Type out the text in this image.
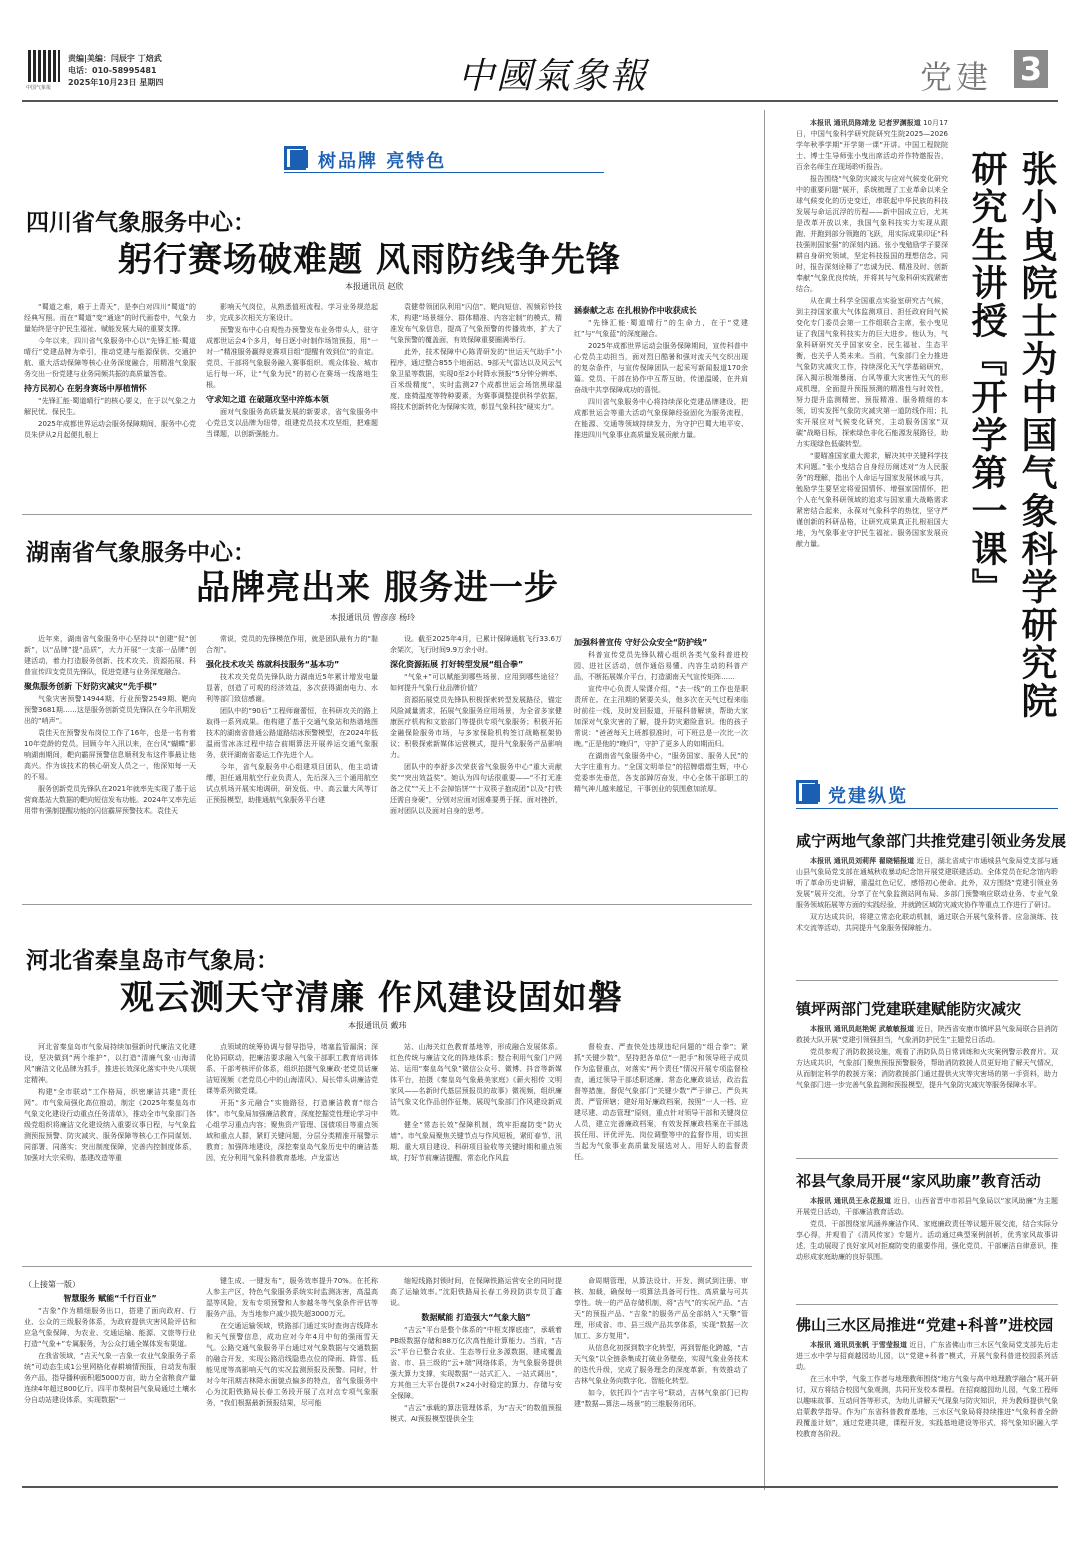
中国气象报
责编|美编：闫辰宇 丁焙武
电话：010-58995481
2025年10月23日 星期四	中國氣象報	党建 3
树品牌 亮特色
四川省气象服务中心：
躬行赛场破难题 风雨防线争先锋
本报通讯员 赵欣

“蜀道之难，难于上青天”，是李白对四川“蜀道”的经典写照。而在“蜀道”变“通途”的时代画卷中，气象力量始终是守护民生福祉、赋能发展大局的重要支撑。

今年以来，四川省气象服务中心以“先锋汇能·蜀道晴行”党建品牌为牵引，推动党建与能源保供、交通护航、重大活动保障等核心业务深度融合，用精准气象服务交出一份党建与业务同频共振的高质量答卷。

持方民初心 在躬身赛场中厚植情怀

“先锋汇能·蜀道晴行”的核心要义，在于以气象之力解民忧、保民生。

2025年成都世界运动会服务保障期间，服务中心党员朱伊从2月起便扎根上

影响天气岗位，从熟悉值班流程、学习业务规范起步，完成多次相关方案设计。

预警发布中心自观性办预警发布业务带头人，驻守成都世运会4个多月，每日逐小时制作场馆预报，用“一对一”精准服务赢得竞赛项目组“提醒有效到位”的肯定。党员、干部将气象服务融入赛事组织、观众体验、城市运行每一环，让“气象为民”的初心在赛场一线落地生根。

守求知之道 在破题攻坚中淬炼本领

面对气象服务高质量发展的新要求，省气象服务中心党总支以品牌为纽带，组建党员技术攻坚组，把难题当课题，以创新强能力。

袁健带领团队利用“闪信”、靶向短信、视频彩铃技术，构建“场景细分、群体精准、内容定制”的模式，精准发布气象信息，提高了气象预警的传播效率，扩大了气象预警的覆盖面，有效保障重要圈满举行。

此外，技术保障中心陈青研发的“世运天气助手”小程序，通过整合855个地面站、9部天气雷达以及风云气象卫星等数据，实现0至2小时降水预报“5分钟分辨率、百米级精度”，实时监测27个成都世运会场馆黑球温度、座椅温度等特种要素，为赛事调整提供科学依据，将技术创新转化为保障实效，彰显气象科技“硬实力”。

涵泰献之志 在扎根协作中收获成长

“先锋汇能·蜀道晴行”的生命力，在于“党建红”与“气象蓝”的深度融合。

2025年成都世界运动会服务保障期间，宣传科普中心党员主动担当，面对烈日酷暑和强对流天气交织出现的复杂条件，与宣传保障团队一起采写新闻报道170余篇。党员、干部在协作中互帮互助，传递温暖，在并肩奋战中共享保障成功的喜悦。

四川省气象服务中心将持续深化党建品牌建设，把成都世运会等重大活动气象保障经验固化为服务流程，在能源、交通等领域持续发力，为守护巴蜀大地平安、推进四川气象事业高质量发展贡献力量。

湖南省气象服务中心：
品牌亮出来 服务进一步
本报通讯员 曾彦彦 杨玲

近年来，湖南省气象服务中心坚持以“创建”促“创新”，以“品牌”提“品质”，大力开展“一支部一品牌”创建活动，着力打造服务创新、技术攻关、资源拓展、科普宣传四支党员先锋队，促进党建与业务深度融合。

聚焦服务创新 下好防灾减灾“先手棋”

气象灾害预警14944期、行业预警2549期、靶向预警3681期……这是服务创新党员先锋队在今年汛期发出的“哨声”。

袁佳天在预警发布岗位工作了16年，也是一名有着10年党龄的党员。回顾今年入汛以来，在台风“蝴蝶”影响湖南期间，靶向霸屏预警信息顺利发布这件事最让他高兴。作为该技术的核心研发人员之一，他深知每一天的不易。

服务创新党员先锋队在2021年就率先实现了基于运营商基站大数据的靶向短信发布功能。2024年又率先运用带有强制提醒功能的闪信霸屏预警技术。袁佳天

常说，党员的先锋模范作用，就是团队最有力的“黏合剂”。

强化技术攻关 练就科技服务“基本功”

技术攻关党员先锋队助力湖南近5年累计增发电量显著，创造了可观的经济效益，多次获得湖南电力、水利等部门致信感谢。

团队中的“90后”工程师谢蕾恒，在科研攻关的路上取得一系列成果。他构建了基于交通气象站和热谱地图技术的湖南省普通公路道路结冰预警模型，在2024年低温雨雪冰冻过程中结合前期算法开展养运交通气象服务，获评湖南省委运工作先进个人。

今年，省气象服务中心组建项目团队，他主动请缨，担任通用航空行业负责人，先后深入三个通用航空试点机场开展实地调研，研发低、中、高云量大风等订正预报模型，助推通航气象服务平台建

设。截至2025年4月，已累计保障通航飞行33.6万余架次，飞行时间9.9万余小时。

深化资源拓展 打好转型发展“组合拳”

“气象+”可以赋能到哪些场景、应用到哪些途径？如何提升气象行业品牌价值？

资源拓展党员先锋队积极探索转型发展路径，锚定风险减量需求，拓展气象服务应用场景，为全省多家健康医疗机构和文旅部门等提供专项气象服务；积极开拓金融保险服务市场，与多家保险机构签订战略框架协议；积极探索新媒体运营模式，提升气象服务产品影响力。

团队中的李舒多次荣获省气象服务中心“重大贡献奖”“突出效益奖”。她认为四句话很重要——“不打无准备之仗”“天上不会掉馅饼”“十双筷子抱成团”以及“打铁还需自身硬”，分别对应面对困难要勇于探、面对挫折，面对团队以及面对自身的思考。

加强科普宣传 守好公众安全“防护线”

科普宣传党员先锋队精心组织各类气象科普进校园、进社区活动，创作通俗易懂、内容生动的科普产品，不断拓展媒介平台，打造湖南天气宣传矩阵……

宣传中心负责人梁潇介绍，“去一线”的工作也是职责所在。在主汛期的紧要关头，他多次在天气过程来临时前往一线，及时发回报道，开展科普解读，帮助大家加深对气象灾害的了解，提升防灾避险意识。他的孩子常说：“爸爸每天上班都很准时，可下班总是一次比一次晚。”正是他的“晚归”，守护了更多人的如期而归。

在湖南省气象服务中心，“服务国家、服务人民”的大字庄重有力。“全国文明单位”的招牌熠熠生辉，中心党委率先垂范，各支部踔厉奋发，中心全体干部职工的精气神儿越来越足，干事创业的氛围愈加浓厚。

河北省秦皇岛市气象局：
观云测天守清廉 作风建设固如磐
本报通讯员 戴玮

河北省秦皇岛市气象局持续加强新时代廉洁文化建设，坚决做到“两个维护”，以打造“清廉气象·山海清风”廉洁文化品牌为抓手，推进长效深化落实中央八项规定精神。

构建“全市联动”工作格局，织密廉洁共建“责任网”。市气象局强化高位推动，制定《2025年秦皇岛市气象文化建设行动重点任务清单》，推动全市气象部门各级党组织将廉洁文化建设纳入重要议事日程，与气象监测预报预警、防灾减灾、服务保障等核心工作同谋划、同部署、同落实；突出制度保障，完善内控制度体系，加强对大宗采购、基建改造等重

点领域的统筹协调与督导指导，堵塞监管漏洞；深化协同联动，把廉洁要求融入气象干部职工教育培训体系、干部考核评价体系，组织拍摄气象廉政·老党员话廉洁短视频《老党员心中的山海清风》、局长带头讲廉洁党课等系列微党课。

开拓“多元融合”实施路径，打造廉洁教育“综合体”。市气象局加强廉洁教育，深度挖掘党性理论学习中心组学习重点内容；聚焦资产管理、国债项目等重点领域和重点人群，紧盯关键问题，分层分类精准开展警示教育；加强阵地建设，深挖秦皇岛气象历史中的廉洁基因，充分利用气象科普教育基地、卢龙雷达

站、山海关红色教育基地等，形成融合发展体系。红色传统与廉洁文化的阵地体系；整合利用气象门户网站、运用“秦皇岛气象”微信公众号、微博、抖音等新媒体平台，拍摄《秦皇岛气象最美家庭》《薪火相传 文明家风——名新时代基层预报员的故事》微视频，组织廉洁气象文化作品创作征集，展现气象部门作风建设新成效。

健全“常态长效”保障机制，筑牢拒腐防变“防火墙”。市气象局聚焦关键节点与作风短板，紧盯春节、汛期、重大项目建设、科研项目验收等关键时期和重点领域，打好节前廉洁提醒、常态化作风监

督检查、严查快处违规违纪问题的“组合拳”；紧抓“关键少数”，坚持把各单位“一把手”和领导班子成员作为监督重点，对落实“两个责任”情况开展专项监督检查，通过领导干部述职述廉、常态化廉政谈话，政治监督等措施，督促气象部门“关键少数”严于律己、严负其责、严管所辖；建好用好廉政档案，按照“一人一档、应建尽建、动态管理”原则，重点针对领导干部和关键岗位人员，建立完善廉政档案，有效发挥廉政档案在干部选拔任用、评优评先、岗位调整等中的监督作用，切实担当起为气象事业高质量发展选对人、用好人的监督责任。

（上接第一版）

智慧服务 赋能“千行百业”

“吉象”作为精细服务出口，搭建了面向政府、行业、公众的三级服务体系，为政府提供灾害风险评估和应急气象保障，为农业、交通运输、能源、文旅等行业打造“气象+”专属服务，为公众打通全媒体发布渠道。

在我省领域，“吉天气象一吉象一农业气象服务子系统”可动态生成1公里网格化春耕墒情预报，自动发布服务产品，指导播种面积超5000万亩，助力全省粮食产量连续4年超过800亿斤。四平市梨树县气象局通过土壤水分自动站建设体系，实现数据“一

键生成、一键发布”，服务效率提升70%。在托称人参主产区，特色气象服务系统实时监测冻害，高温高湿等风险，发布专项预警和人参越冬等气象条件评估等服务产品，为当地参户减少损失超3000万元。

在交通运输领域，铁路部门通过实时查询吉线降水和天气预警信息，成功应对今年4月中旬的强雨雪天气。公路交通气象服务平台通过对气象数据与交通数据的融合开发，实现公路沿线隐患点位的降雨、降雪、低能见度等高影响天气的实况监测预报及预警。同时，针对今年汛期吉林降水面貌点偏多的特点，省气象服务中心为沈阳铁路局长春工务段开展了点对点专项气象服务，“我们根据最新预报结果，尽可能

缩短线路封锁时间，在保障铁路运营安全的同时提高了运输效率。”沈阳铁路局长春工务段防洪专员丁鑫说。

数据赋能 打造强大“气象大脑”

“吉云”平台是整个体系的“中枢支撑底座”，承载着PB级数据存储和88万亿次高性能计算能力。当前，“吉云”平台已整合农业、生态等行业多源数据，建成覆盖省、市、县三级的“云+端”网络体系，为气象服务提供强大算力支撑，实现数据“一站式汇入、一站式调出”，方其他三大平台提供7×24小时稳定的算力、存储与安全保障。

“吉云”承载的算法管理体系，为“吉天”的数值预报模式、AI预报模型提供全生

命周期管理，从算法设计、开发、测试到注册、审核、加载，确保每一项算法具备可行性、高质量与可共享性。统一的产品存储机制，将“吉气”的实况产品、“吉天”的预报产品、“吉象”的服务产品全部纳入“天擎”管理，形成省、市、县三级产品共享体系，实现“数据一次加工、多方复用”。

从信息化初探到数字化转型，再到智能化跨越，“吉天气象”以全链条集成打破业务壁垒，实现气象业务技术的迭代升级，完成了服务理念的深度革新，有效推动了吉林气象业务向数字化、智能化转型。

如今，依托四个“吉字号”联动，吉林气象部门已构建“数据—算法—场景”的三维服务闭环。

本报讯 通讯员陈靖龙 记者罗渊报道 10月17日，中国气象科学研究院研究生院2025—2026学年秋季学期“开学第一课”开讲。中国工程院院士、博士生导师张小曳出席活动并作特邀报告，百余名师生在现场聆听报告。

报告围绕“气象防灾减灾与应对气候变化研究中的重要问题”展开，系统梳理了工业革命以来全球气候变化的历史变迁，串联起中华民族的科技发展与命运沉浮的历程——新中国成立后，尤其是改革开放以来，我国气象科技实力实现从跟跑、并跑到部分领跑的飞跃，用实际成果印证“科技强则国家强”的深刻内涵。张小曳勉励学子要深耕自身研究领域，坚定科技报国的理想信念。同时，报告深刻诠释了“忠诚为民、精准及时、创新奉献”气象优良传统，并将其与气象科研实践紧密结合。

从在黄土科学全国重点实验室研究古气候，到主持国家重大气体监测项目、担任政府间气候变化专门委员会第一工作组联合主席，张小曳见证了我国气象科技实力的巨大进步。他认为，气象科研研究关乎国家安全、民生福祉、生态平衡，也关乎人类未来。当前，气象部门全力推进气象防灾减灾工作，持续深化天气学基础研究，深入揭示极端暴雨、台风等重大灾害性天气的形成机理，全面提升预报预测的精准性与时效性，努力提升监测精密、预报精准、服务精细的本领，切实发挥气象防灾减灾第一道防线作用；扎实开展应对气候变化研究，主动服务国家“双碳”战略目标，探索绿色非化石能源发展路径，助力实现绿色低碳转型。

“要瞄准国家重大需求，解决其中关键科学技术问题。”张小曳结合自身经历阐述对“为人民服务”的理解，指出个人命运与国家发展休戚与共，勉励学生要坚定将爱国情怀、增强家国情怀，把个人在气象科研领域的追求与国家重大战略需求紧密结合起来，永葆对气象科学的热忱，坚守严谨创新的科研品格，让研究成果真正扎根祖国大地，为气象事业守护民生福祉、服务国家发展贡献力量。	张小曳院士为中国气象科学研究院
研究生讲授『开学第一课』
党建纵览
咸宁两地气象部门共推党建引领业务发展

本报讯 通讯员刘莉萍 翟晓韬报道 近日，湖北省咸宁市通城县气象局党支部与通山县气象局党支部在通城秋收暴动纪念馆开展党建联建活动。全体党员在纪念馆内聆听了革命历史讲解，重温红色记忆，感悟初心使命。此外，双方围绕“党建引领业务发展”展开交流，分享了在气象监测站网布局、多部门预警响应联动业务、专业气象服务领域拓展等方面的实践经验，并就跨区域防灾减灾协作等重点工作进行了研讨。

双方达成共识，将建立常态化联动机制，通过联合开展气象科普、应急演练、技术交流等活动，共同提升气象服务保障能力。

镇坪两部门党建联建赋能防灾减灾

本报讯 通讯员赵艳妮 武敏敏报道 近日，陕西省安康市镇坪县气象局联合县消防救援大队开展“党建引领强担当，气象消防护民生”主题党日活动。

党员参观了消防救援设施，观看了消防队员日常训练和火灾案例警示教育片。双方达成共识，气象部门聚焦预报预警服务，帮助消防救援人员更好地了解天气情况，从而制定科学的救援方案；消防救援部门通过提供火灾等灾害场的第一手资料，助力气象部门进一步完善气象监测和预报模型，提升气象防灾减灾等服务保障水平。

祁县气象局开展“家风助廉”教育活动

本报讯 通讯员王永花报道 近日，山西省晋中市祁县气象局以“家风助廉”为主题开展党日活动，干部廉洁教育活动。

党员、干部围绕家风涵养廉洁作风、家庭廉政责任等议题开展交流，结合实际分享心得，并观看了《清风传家》专题片。活动通过典型案例剖析，优秀家风故事讲述，生动展现了良好家风对拒腐防变的重要作用，强化党员、干部廉洁自律意识，推动形成家庭助廉的良好氛围。

佛山三水区局推进“党建+科普”进校园

本报讯 通讯员张帆 于雪莹报道 近日，广东省佛山市三水区气象局党支部先后走进三水中学与招商越园幼儿园，以“党建+科普”模式，开展气象科普进校园系列活动。

在三水中学，气象工作者与地理教师围绕“地方气象与高中地理教学融合”展开研讨，双方将结合校园气象观测，共同开发校本课程。在招商越园幼儿园，气象工程师以趣味故事、互动问答等形式，为幼儿讲解天气现象与防灾知识，并为教师提供气象启蒙教学指导。作为广东省科普教育基地，三水区气象局将持续推进“气象科普全龄段覆盖计划”，通过党建共建，课程开发，实践基地建设等形式，将气象知识融入学校教育各阶段。
